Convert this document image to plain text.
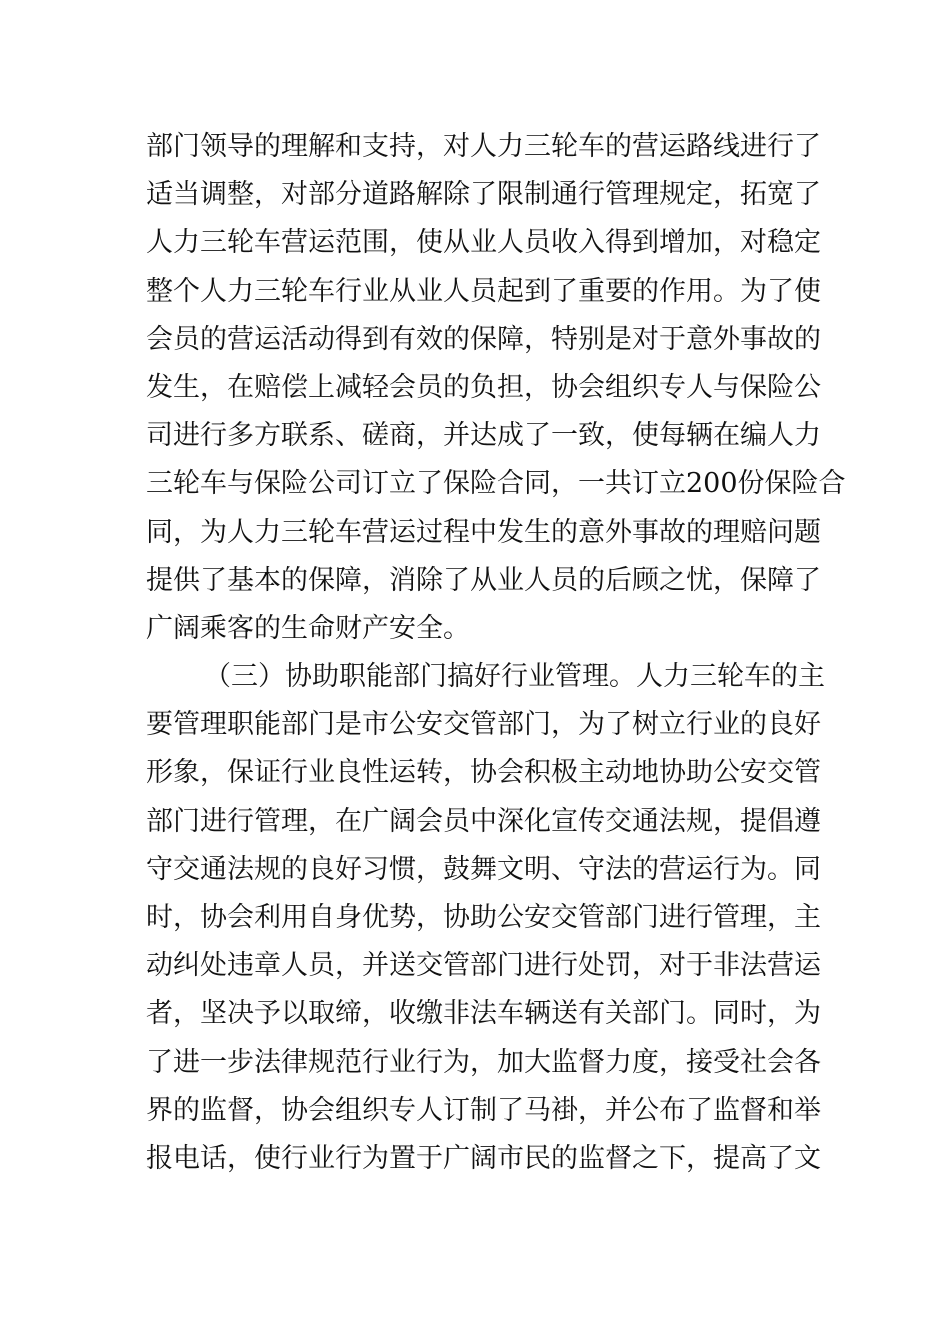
部门领导的理解和支持，对人力三轮车的营运路线进行了
适当调整，对部分道路解除了限制通行管理规定，拓宽了
人力三轮车营运范围，使从业人员收入得到增加，对稳定
整个人力三轮车行业从业人员起到了重要的作用。为了使
会员的营运活动得到有效的保障，特别是对于意外事故的
发生，在赔偿上减轻会员的负担，协会组织专人与保险公
司进行多方联系、磋商，并达成了一致，使每辆在编人力
三轮车与保险公司订立了保险合同，一共订立200份保险合
同，为人力三轮车营运过程中发生的意外事故的理赔问题
提供了基本的保障，消除了从业人员的后顾之忧，保障了
广阔乘客的生命财产安全。
（三）协助职能部门搞好行业管理。人力三轮车的主
要管理职能部门是市公安交管部门，为了树立行业的良好
形象，保证行业良性运转，协会积极主动地协助公安交管
部门进行管理，在广阔会员中深化宣传交通法规，提倡遵
守交通法规的良好习惯，鼓舞文明、守法的营运行为。同
时，协会利用自身优势，协助公安交管部门进行管理，主
动纠处违章人员，并送交管部门进行处罚，对于非法营运
者，坚决予以取缔，收缴非法车辆送有关部门。同时，为
了进一步法律规范行业行为，加大监督力度，接受社会各
界的监督，协会组织专人订制了马褂，并公布了监督和举
报电话，使行业行为置于广阔市民的监督之下，提高了文
